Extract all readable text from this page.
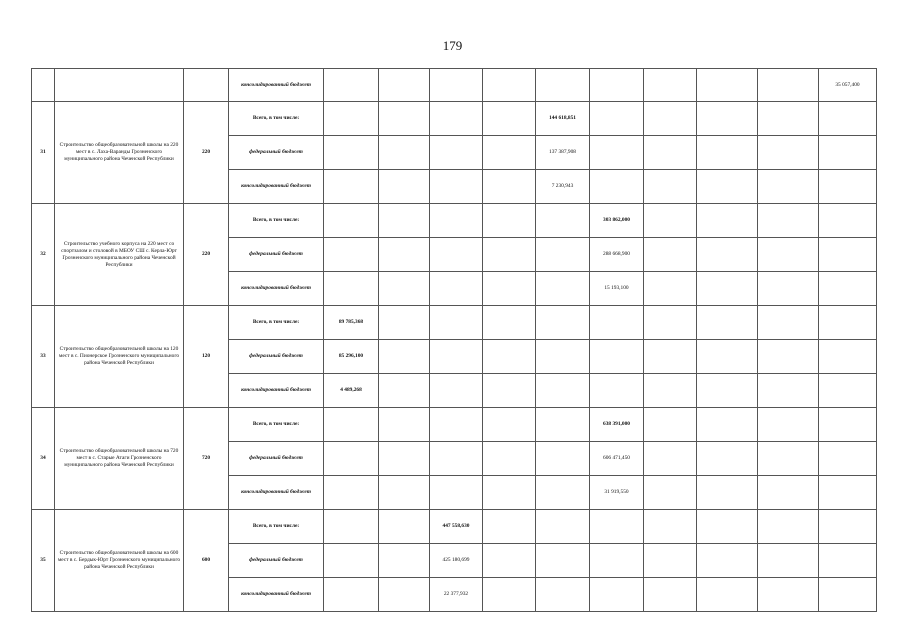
179
			консолидированный бюджет										35 057,400
31	Строительство общеобразовательной школы на 220 мест в с. Лаха-Варанды Грозненского муниципального района Чеченской Республики	220	Всего, в том числе:					144 618,851					
			федеральный бюджет					137 387,908					
			консолидированный бюджет					7 230,943					
32	Строительство учебного корпуса на 220 мест со спортзалом и столовой в МБОУ СШ с. Керла-Юрт Грозненского муниципального района Чеченской Республики	220	Всего, в том числе:						303 862,000				
			федеральный бюджет						288 668,900				
			консолидированный бюджет						15 193,100				
33	Строительство общеобразовательной школы на 120 мест в с. Пионерское Грозненского муниципального района Чеченской Республики	120	Всего, в том числе:	89 785,368									
			федеральный бюджет	85 296,100									
			консолидированный бюджет	4 489,268									
34	Строительство общеобразовательной школы на 720 мест в с. Старые Атаги Грозненского муниципального района Чеченской Республики	720	Всего, в том числе:						638 391,000				
			федеральный бюджет						606 471,450				
			консолидированный бюджет						31 919,550				
35	Строительство общеобразовательной школы на 600 мест в с. Бердык-Юрт Грозненского муниципального района Чеченской Республики	600	Всего, в том числе:			447 558,630							
			федеральный бюджет			425 180,699							
			консолидированный бюджет			22 377,932							
